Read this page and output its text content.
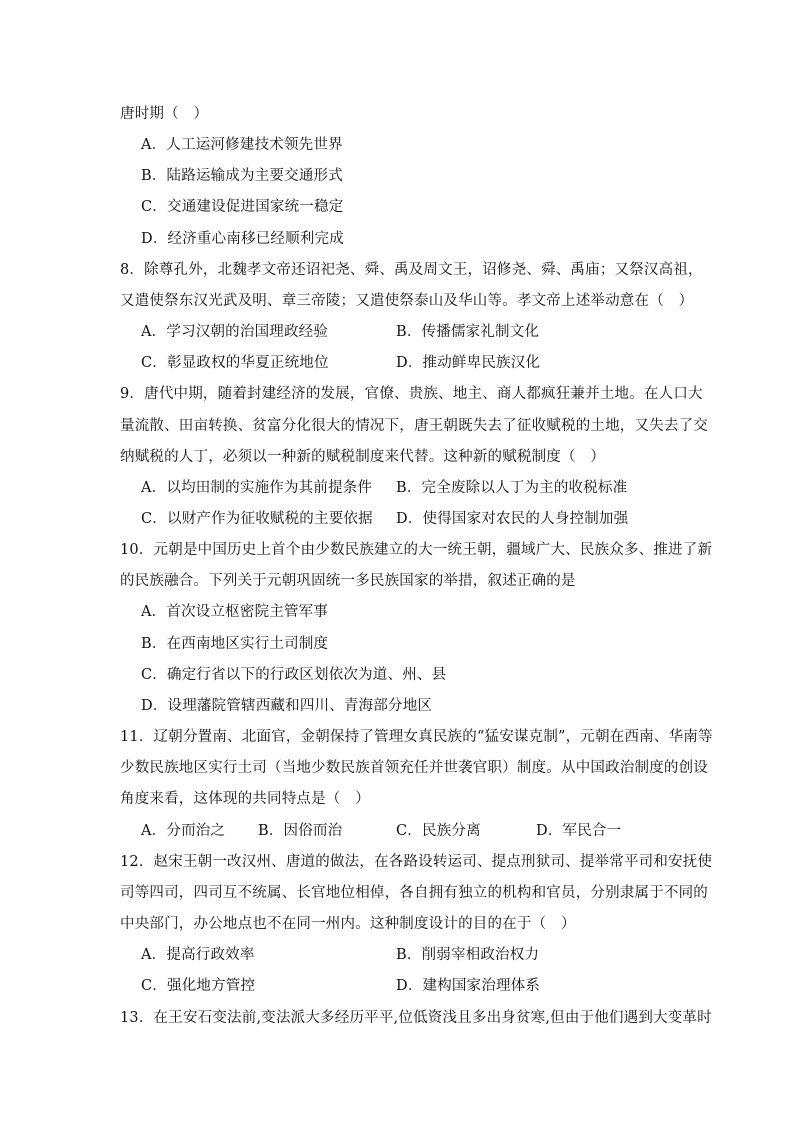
唐时期（　）
A．人工运河修建技术领先世界
B．陆路运输成为主要交通形式
C．交通建设促进国家统一稳定
D．经济重心南移已经顺利完成
8．除尊孔外，北魏孝文帝还诏祀尧、舜、禹及周文王，诏修尧、舜、禹庙；又祭汉高祖，
又遣使祭东汉光武及明、章三帝陵；又遣使祭泰山及华山等。孝文帝上述举动意在（　）
A．学习汉朝的治国理政经验	B．传播儒家礼制文化
C．彰显政权的华夏正统地位	D．推动鲜卑民族汉化
9．唐代中期，随着封建经济的发展，官僚、贵族、地主、商人都疯狂兼并土地。在人口大
量流散、田亩转换、贫富分化很大的情况下，唐王朝既失去了征收赋税的土地，又失去了交
纳赋税的人丁，必须以一种新的赋税制度来代替。这种新的赋税制度（　）
A．以均田制的实施作为其前提条件 B．完全废除以人丁为主的收税标准
C．以财产作为征收赋税的主要依据 D．使得国家对农民的人身控制加强
10．元朝是中国历史上首个由少数民族建立的大一统王朝，疆域广大、民族众多、推进了新
的民族融合。下列关于元朝巩固统一多民族国家的举措，叙述正确的是
A．首次设立枢密院主管军事
B．在西南地区实行土司制度
C．确定行省以下的行政区划依次为道、州、县
D．设理藩院管辖西藏和四川、青海部分地区
11．辽朝分置南、北面官，金朝保持了管理女真民族的“猛安谋克制”，元朝在西南、华南等
少数民族地区实行土司（当地少数民族首领充任并世袭官职）制度。从中国政治制度的创设
角度来看，这体现的共同特点是（　）
A．分而治之 B．因俗而治	C．民族分离	D．军民合一
12．赵宋王朝一改汉州、唐道的做法，在各路设转运司、提点刑狱司、提举常平司和安抚使
司等四司，四司互不统属、长官地位相倬，各自拥有独立的机构和官员，分别隶属于不同的
中央部门，办公地点也不在同一州内。这种制度设计的目的在于（　）
A．提高行政效率	B．削弱宰相政治权力
C．强化地方管控	D．建构国家治理体系
13．在王安石变法前,变法派大多经历平平,位低资浅且多出身贫寒,但由于他们遇到大变革时
